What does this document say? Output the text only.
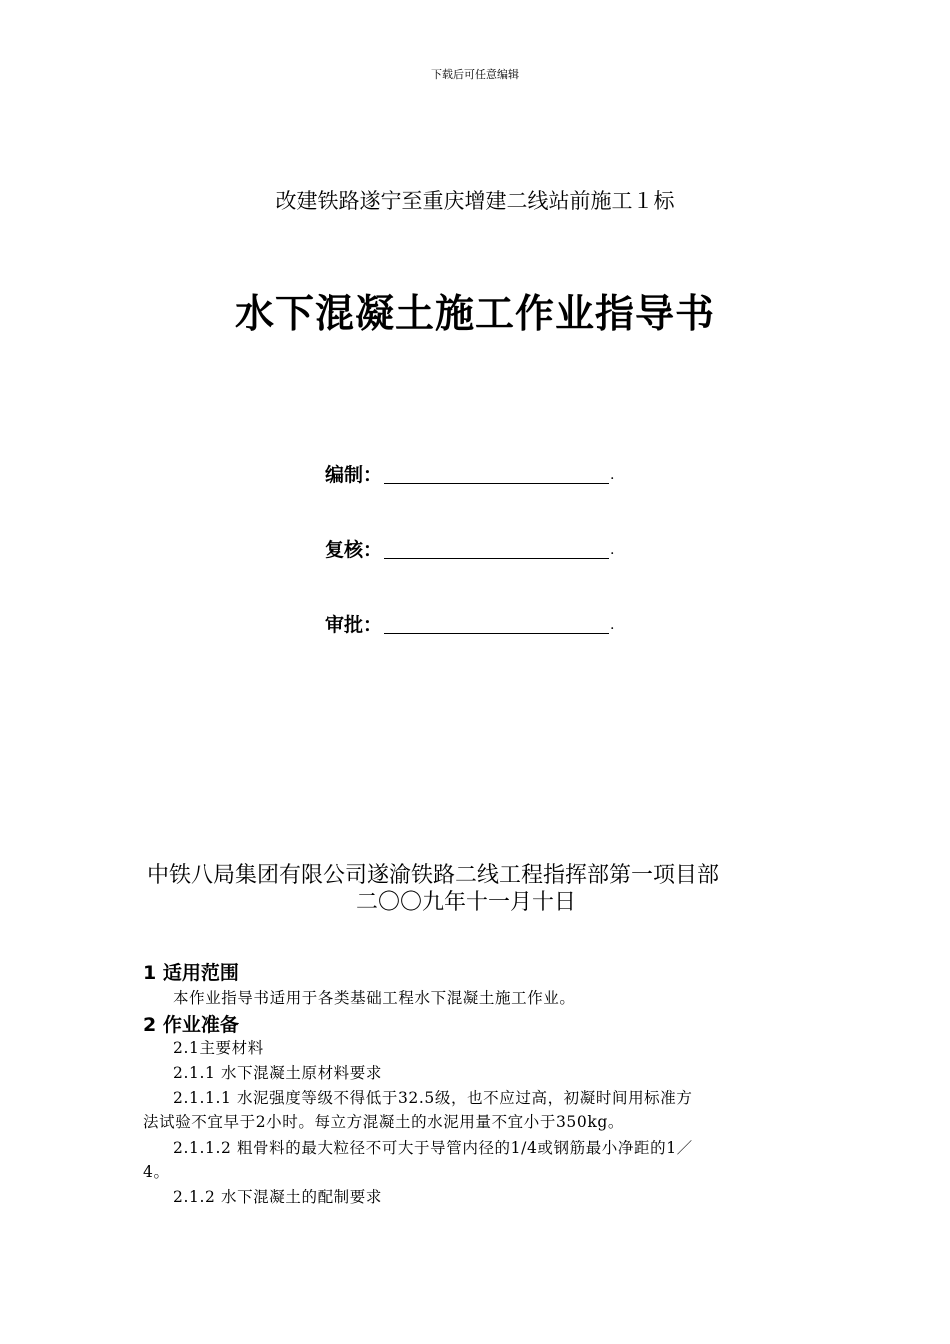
下载后可任意编辑
改建铁路遂宁至重庆增建二线站前施工１标
水下混凝土施工作业指导书
编制：	.
复核：	.
审批：	.
中铁八局集团有限公司遂渝铁路二线工程指挥部第一项目部
二〇〇九年十一月十日
1 适用范围
本作业指导书适用于各类基础工程水下混凝土施工作业。
2 作业准备
2.1主要材料
2.1.1 水下混凝土原材料要求
2.1.1.1 水泥强度等级不得低于32.5级，也不应过高，初凝时间用标准方
法试验不宜早于2小时。每立方混凝土的水泥用量不宜小于350kg。
2.1.1.2 粗骨料的最大粒径不可大于导管内径的1/4或钢筋最小净距的1／
4。
2.1.2 水下混凝土的配制要求
